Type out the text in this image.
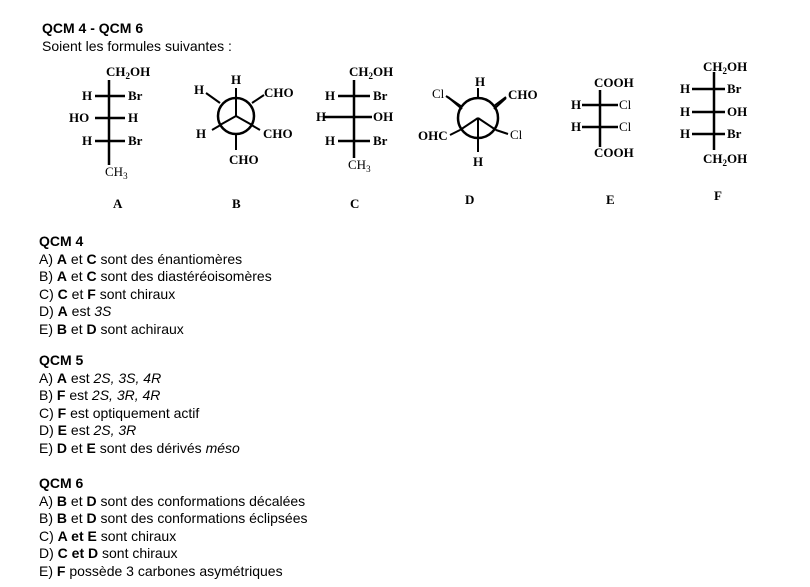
QCM 4 - QCM 6
Soient les formules suivantes :
$CH_2OH$
H	Br
HO	H
H	Br
$CH_3$
H
H	CHO
CHO
CHO
H
$CH_2OH$
H	Br
H	OH
H	Br
$CH_3$
H
Cl	CHO
OHC	Cl
H
COOH
H	Cl
H	Cl
COOH
$CH_2OH$
H	Br
H	OH
H	Br
$CH_2OH$
A	B	C	D	E	F
QCM 4
A) A et C sont des énantiomères
B) A et C sont des diastéréoisomères
C) C et F sont chiraux
D) A est 3S
E) B et D sont achiraux
QCM 5
A) A est 2S, 3S, 4R
B) F est 2S, 3R, 4R
C) F est optiquement actif
D) E est 2S, 3R
E) D et E sont des dérivés méso
QCM 6
A) B et D sont des conformations décalées
B) B et D sont des conformations éclipsées
C) A et E sont chiraux
D) C et D sont chiraux
E) F possède 3 carbones asymétriques
